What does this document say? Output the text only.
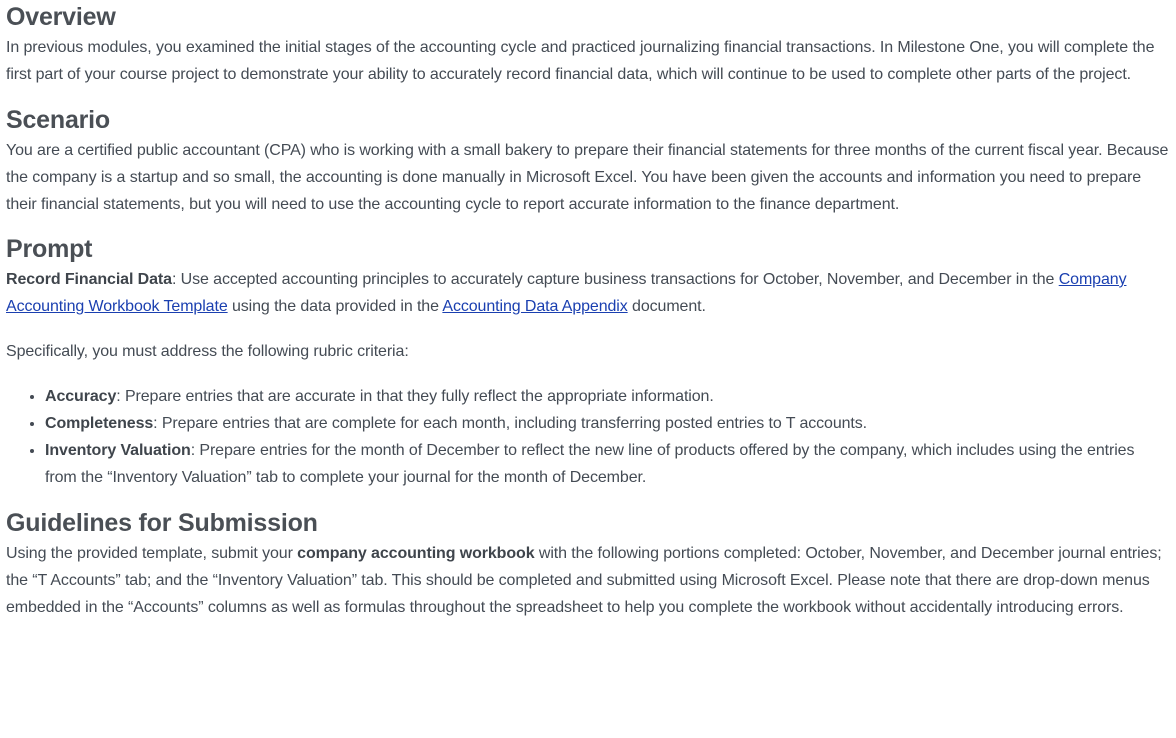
Overview

In previous modules, you examined the initial stages of the accounting cycle and practiced journalizing financial transactions. In Milestone One, you will complete the first part of your course project to demonstrate your ability to accurately record financial data, which will continue to be used to complete other parts of the project.

Scenario

You are a certified public accountant (CPA) who is working with a small bakery to prepare their financial statements for three months of the current fiscal year. Because the company is a startup and so small, the accounting is done manually in Microsoft Excel. You have been given the accounts and information you need to prepare their financial statements, but you will need to use the accounting cycle to report accurate information to the finance department.

Prompt

Record Financial Data: Use accepted accounting principles to accurately capture business transactions for October, November, and December in the Company Accounting Workbook Template using the data provided in the Accounting Data Appendix document.

Specifically, you must address the following rubric criteria:

• Accuracy: Prepare entries that are accurate in that they fully reflect the appropriate information.
• Completeness: Prepare entries that are complete for each month, including transferring posted entries to T accounts.
• Inventory Valuation: Prepare entries for the month of December to reflect the new line of products offered by the company, which includes using the entries from the “Inventory Valuation” tab to complete your journal for the month of December.
Guidelines for Submission

Using the provided template, submit your company accounting workbook with the following portions completed: October, November, and December journal entries; the “T Accounts” tab; and the “Inventory Valuation” tab. This should be completed and submitted using Microsoft Excel. Please note that there are drop-down menus embedded in the “Accounts” columns as well as formulas throughout the spreadsheet to help you complete the workbook without accidentally introducing errors.
